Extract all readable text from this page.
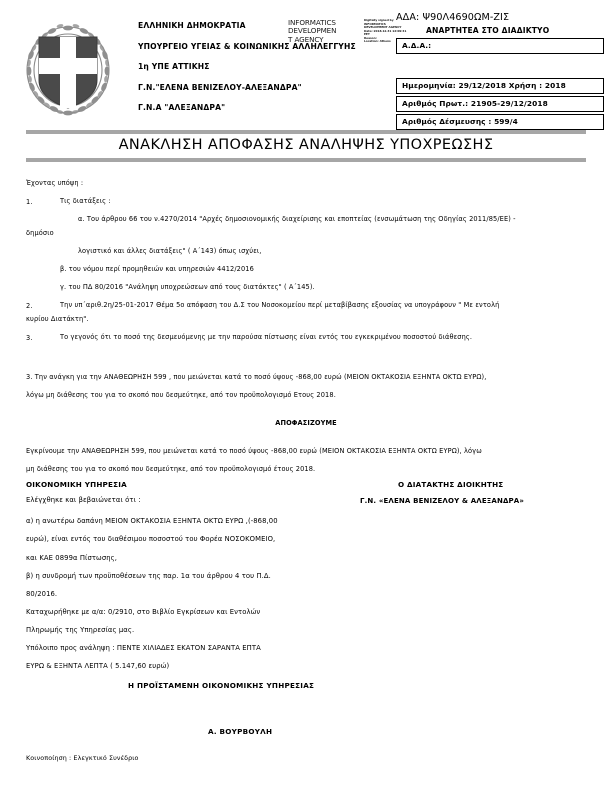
ΕΛΛΗΝΙΚΗ ΔΗΜΟΚΡΑΤΙΑ
ΥΠΟΥΡΓΕΙΟ ΥΓΕΙΑΣ & ΚΟΙΝΩΝΙΚΗΣ ΑΛΛΗΛΕΓΓΥΗΣ
1η ΥΠΕ ΑΤΤΙΚΗΣ
Γ.Ν."ΕΛΕΝΑ ΒΕΝΙΖΕΛΟΥ-ΑΛΕΞΑΝΔΡΑ"
Γ.Ν.Α "ΑΛΕΞΑΝΔΡΑ"
INFORMATICS
DEVELOPMEN
T AGENCY
Digitally signed by
INFORMATICS
DEVELOPMENT AGENCY
Date: 2018.12.31 12:09:41
EET
Reason:
Location: Athens
ΑΔΑ: Ψ90Λ4690ΩΜ-ΖΙΣ
ΑΝΑΡΤΗΤΕΑ ΣΤΟ ΔΙΑΔΙΚΤΥΟ
Α.Δ.Α.:
Ημερομηνία: 29/12/2018 Χρήση : 2018
Αριθμός Πρωτ.: 21905-29/12/2018
Αριθμός Δέσμευσης : 599/4
ΑΝΑΚΛΗΣΗ ΑΠΟΦΑΣΗΣ ΑΝΑΛΗΨΗΣ ΥΠΟΧΡΕΩΣΗΣ
Έχοντας υπόψη :
1.	Τις διατάξεις :
α. Του άρθρου 66 του ν.4270/2014 "Αρχές δημοσιονομικής διαχείρισης και εποπτείας (ενσωμάτωση της Οδηγίας 2011/85/ΕΕ) -
δημόσιο
λογιστικό και άλλες διατάξεις" ( Α΄143) όπως ισχύει,
β. του νόμου περί προμηθειών και υπηρεσιών 4412/2016
γ. του ΠΔ 80/2016 "Ανάληψη υποχρεώσεων από τους διατάκτες" ( Α΄145).
2.	Την υπ΄αριθ.2η/25-01-2017 Θέμα 5ο απόφαση του Δ.Σ του Νοσοκομείου περί μεταβίβασης εξουσίας να υπογράφουν " Με εντολή
κυρίου Διατάκτη".
3.	Το γεγονός ότι το ποσό της δεσμευόμενης με την παρούσα πίστωσης είναι εντός του εγκεκριμένου ποσοστού διάθεσης.
3. Την ανάγκη για την ΑΝΑΘΕΩΡΗΣΗ 599 , που μειώνεται κατά το ποσό ύψους -868,00 ευρώ (ΜΕΙΟΝ ΟΚΤΑΚΟΣΙΑ ΕΞΗΝΤΑ ΟΚΤΩ ΕΥΡΩ),
λόγω μη διάθεσης του για το σκοπό που δεσμεύτηκε, από τον προϋπολογισμό Ετους 2018.
ΑΠΟΦΑΣΙΖΟΥΜΕ
Εγκρίνουμε την ΑΝΑΘΕΩΡΗΣΗ 599, που μειώνεται κατά το ποσό ύψους -868,00 ευρώ (ΜΕΙΟΝ ΟΚΤΑΚΟΣΙΑ ΕΞΗΝΤΑ ΟΚΤΩ ΕΥΡΩ), λόγω
μη διάθεσης του για το σκοπό που δεσμεύτηκε, από τον προϋπολογισμό έτους 2018.
ΟΙΚΟΝΟΜΙΚΗ ΥΠΗΡΕΣΙΑ	Ο ΔΙΑΤΑΚΤΗΣ ΔΙΟΙΚΗΤΗΣ
Γ.Ν. «ΕΛΕΝΑ ΒΕΝΙΖΕΛΟΥ & ΑΛΕΞΑΝΔΡΑ»
Ελέγχθηκε και βεβαιώνεται ότι :
α) η ανωτέρω δαπάνη ΜΕΙΟΝ ΟΚΤΑΚΟΣΙΑ ΕΞΗΝΤΑ ΟΚΤΩ ΕΥΡΩ ,(-868,00
ευρώ), είναι εντός του διαθέσιμου ποσοστού του Φορέα ΝΟΣΟΚΟΜΕΙΟ,
και ΚΑΕ 0899α Πίστωσης,
β) η συνδρομή των προϋποθέσεων της παρ. 1α του άρθρου 4 του Π.Δ.
80/2016.
Καταχωρήθηκε με α/α: 0/2910, στο Βιβλίο Εγκρίσεων και Εντολών
Πληρωμής της Υπηρεσίας μας.
Υπόλοιπο προς ανάληψη : ΠΕΝΤΕ ΧΙΛΙΑΔΕΣ ΕΚΑΤΟΝ ΣΑΡΑΝΤΑ ΕΠΤΑ
ΕΥΡΩ & ΕΞΗΝΤΑ ΛΕΠΤΑ ( 5.147,60 ευρώ)
Η ΠΡΟΪΣΤΑΜΕΝΗ ΟΙΚΟΝΟΜΙΚΗΣ ΥΠΗΡΕΣΙΑΣ
Α. ΒΟΥΡΒΟΥΛΗ
Κοινοποίηση : Ελεγκτικό Συνέδριο
